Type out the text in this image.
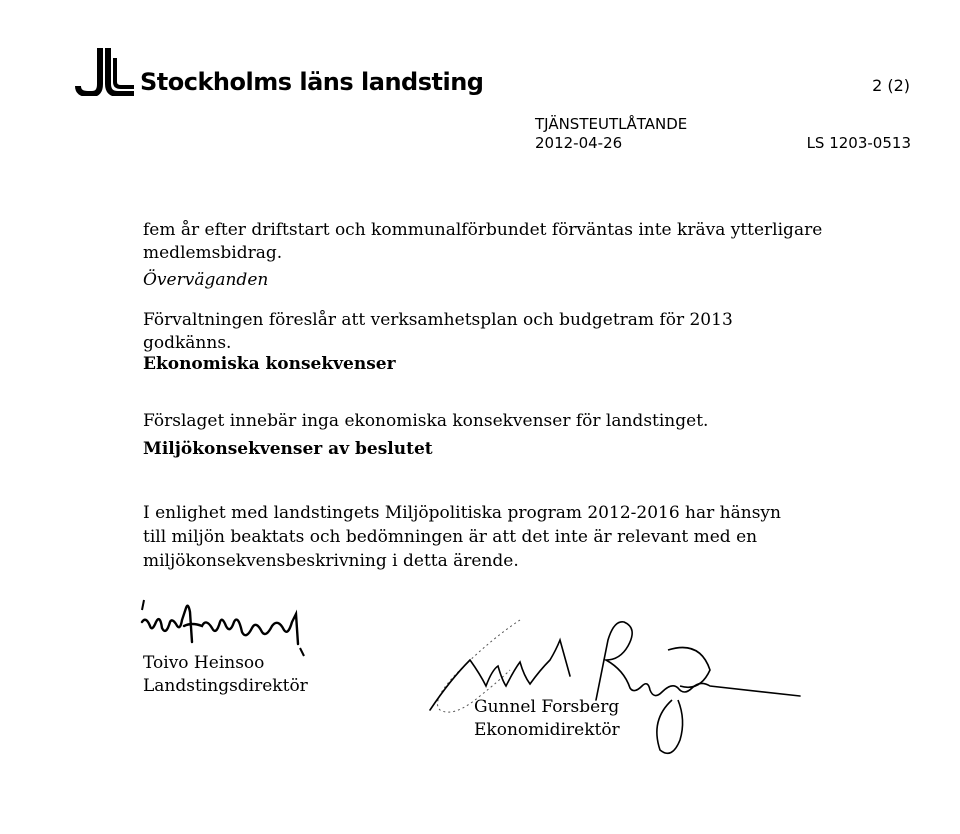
Stockholms läns landsting	2 (2)
TJÄNSTEUTLÅTANDE
2012-04-26	LS 1203-0513

fem år efter driftstart och kommunalförbundet förväntas inte kräva ytterligare medlemsbidrag.

Överväganden

Förvaltningen föreslår att verksamhetsplan och budgetram för 2013 godkänns.

Ekonomiska konsekvenser

Förslaget innebär inga ekonomiska konsekvenser för landstinget.

Miljökonsekvenser av beslutet

I enlighet med landstingets Miljöpolitiska program 2012-2016 har hänsyn till miljön beaktats och bedömningen är att det inte är relevant med en miljökonsekvensbeskrivning i detta ärende.

Toivo Heinsoo
Landstingsdirektör
Gunnel Forsberg
Ekonomidirektör
